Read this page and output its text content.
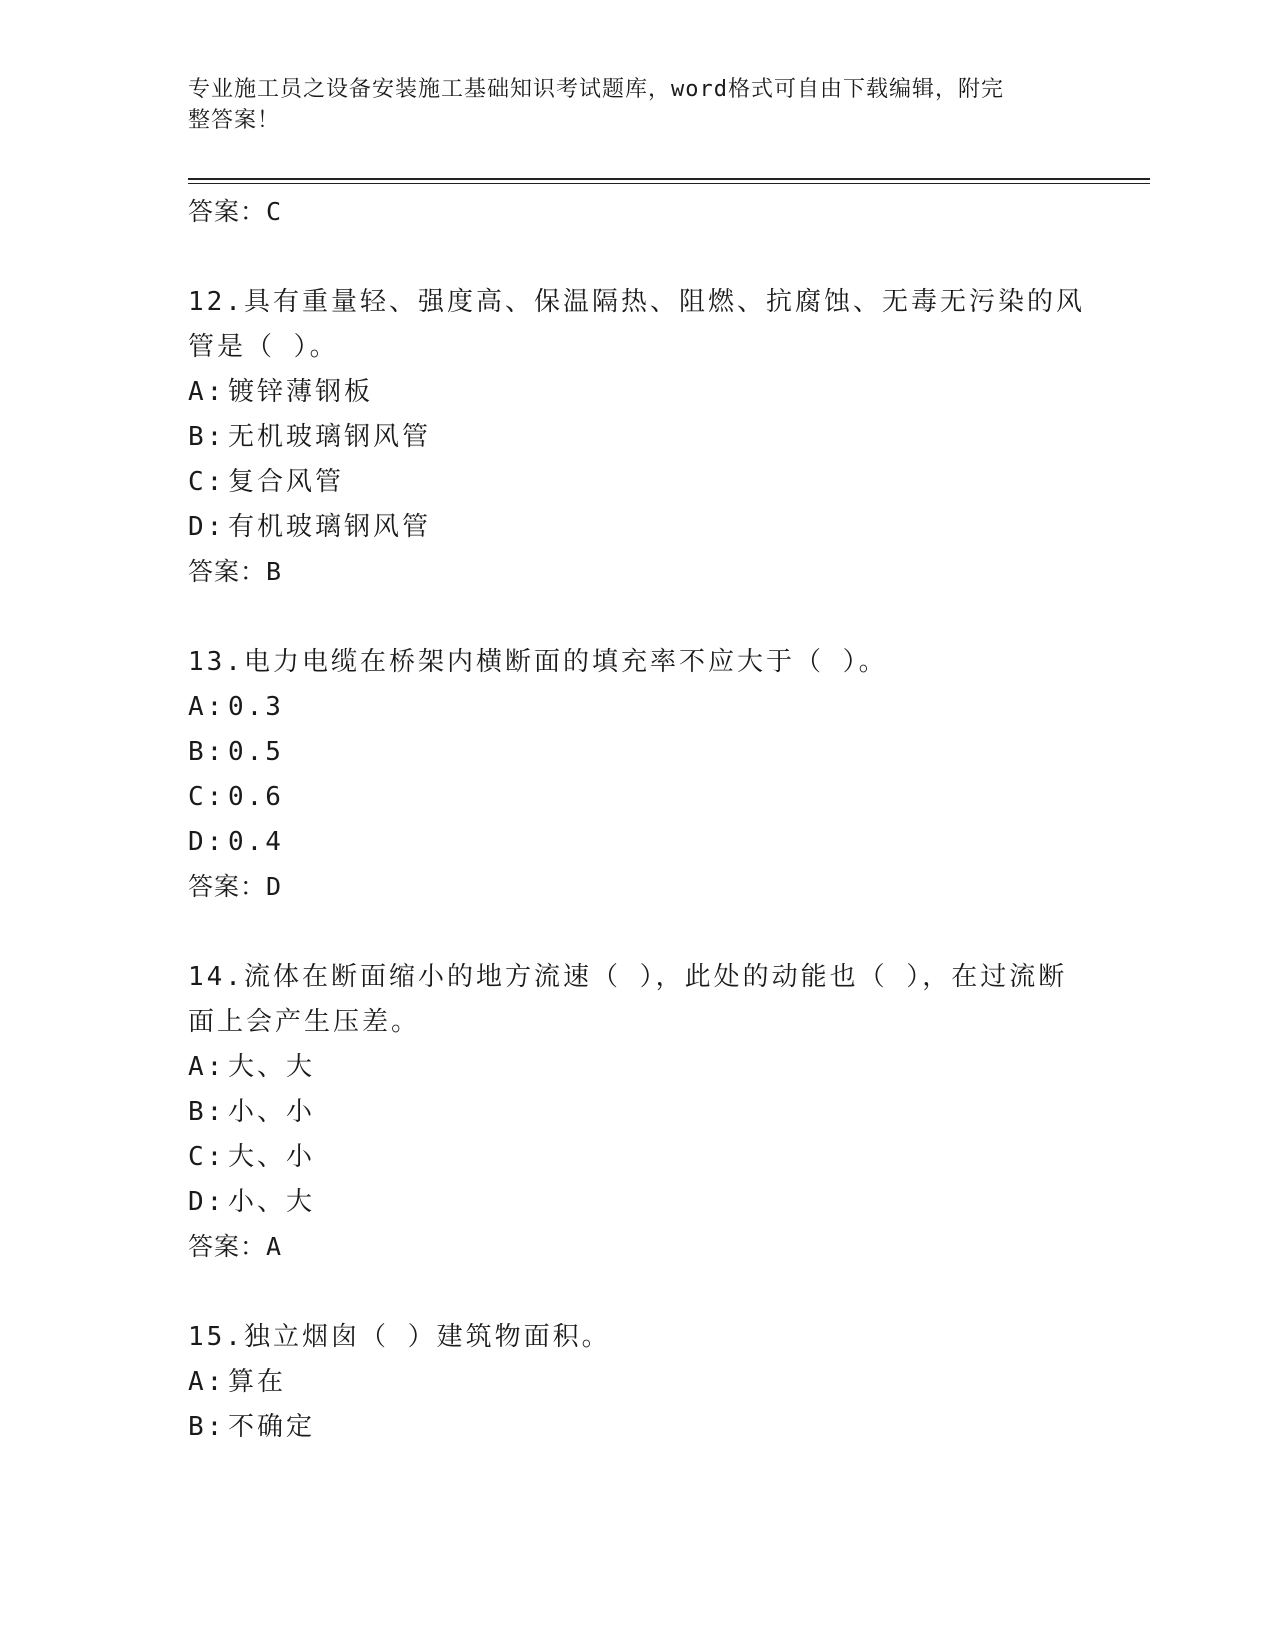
专业施工员之设备安装施工基础知识考试题库，word格式可自由下载编辑，附完
整答案！
答案：C
12.具有重量轻、强度高、保温隔热、阻燃、抗腐蚀、无毒无污染的风
管是（ ）。
A: 镀锌薄钢板
B: 无机玻璃钢风管
C: 复合风管
D: 有机玻璃钢风管
答案：B
13.电力电缆在桥架内横断面的填充率不应大于（ ）。
A: 0.3
B: 0.5
C: 0.6
D: 0.4
答案：D
14.流体在断面缩小的地方流速（ ），此处的动能也（ ），在过流断
面上会产生压差。
A: 大、大
B: 小、小
C: 大、小
D: 小、大
答案：A
15.独立烟囱（ ）建筑物面积。
A: 算在
B: 不确定
